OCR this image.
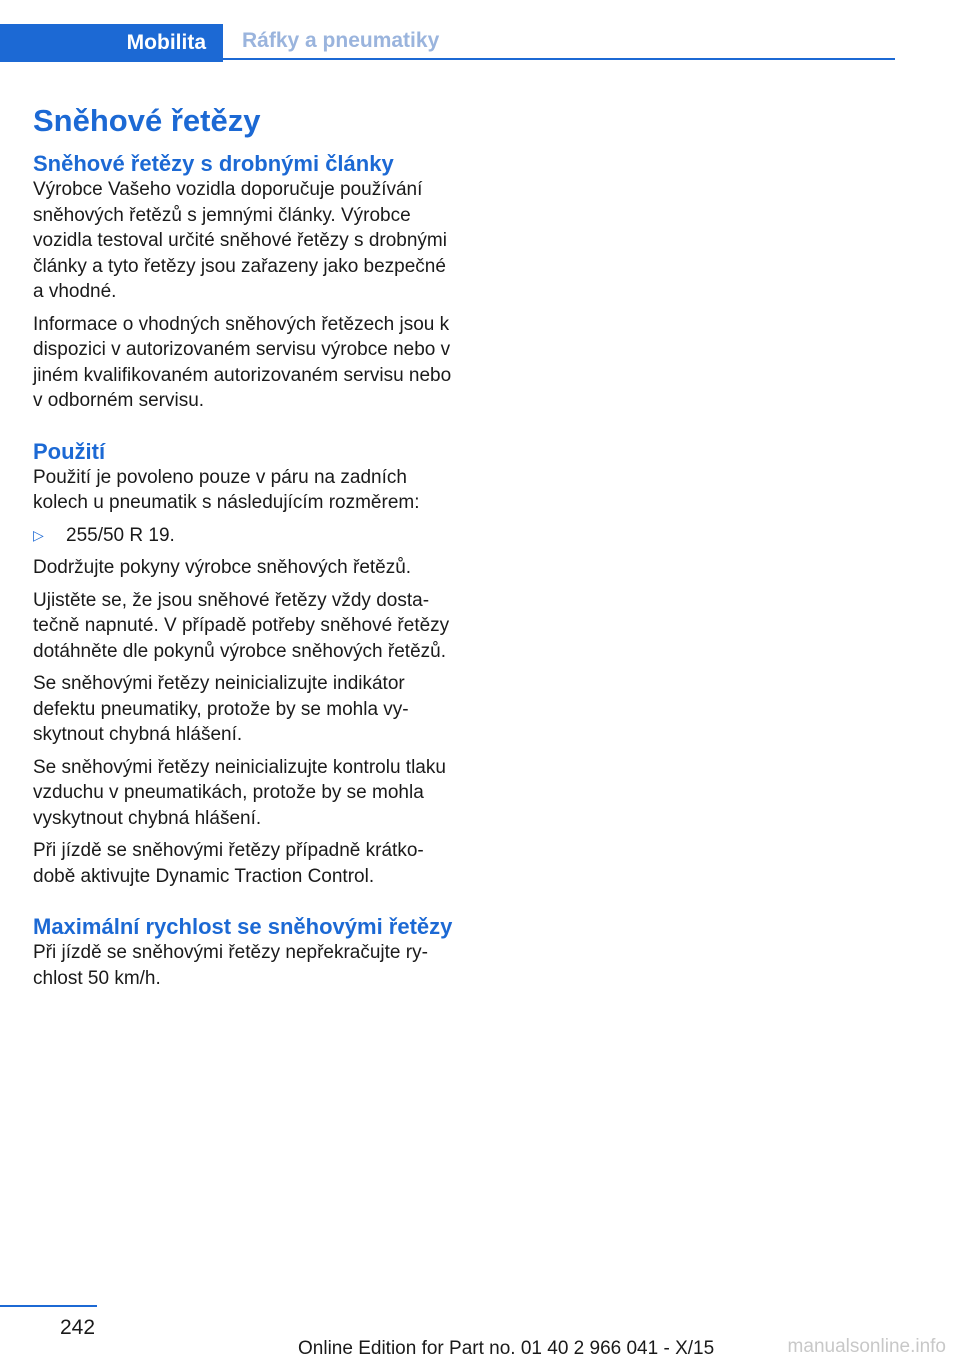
Mobilita	Ráfky a pneumatiky
Sněhové řetězy
Sněhové řetězy s drobnými články

Výrobce Vašeho vozidla doporučuje používání sněhových řetězů s jemnými články. Výrobce vozidla testoval určité sněhové řetězy s drobnými články a tyto řetězy jsou zařazeny jako bezpečné a vhodné.

Informace o vhodných sněhových řetězech jsou k dispozici v autorizovaném servisu výrobce nebo v jiném kvalifikovaném autorizovaném servisu nebo v odborném servisu.

Použití

Použití je povoleno pouze v páru na zadních kolech u pneumatik s následujícím rozměrem:

▷	255/50 R 19.

Dodržujte pokyny výrobce sněhových řetězů.

Ujistěte se, že jsou sněhové řetězy vždy dostatečně napnuté. V případě potřeby sněhové řetězy dotáhněte dle pokynů výrobce sněhových řetězů.

Se sněhovými řetězy neinicializujte indikátor defektu pneumatiky, protože by se mohla vyskytnout chybná hlášení.

Se sněhovými řetězy neinicializujte kontrolu tlaku vzduchu v pneumatikách, protože by se mohla vyskytnout chybná hlášení.

Při jízdě se sněhovými řetězy případně krátkodobě aktivujte Dynamic Traction Control.

Maximální rychlost se sněhovými řetězy

Při jízdě se sněhovými řetězy nepřekračujte rychlost 50 km/h.

242
Online Edition for Part no. 01 40 2 966 041 - X/15	manualsonline.info
